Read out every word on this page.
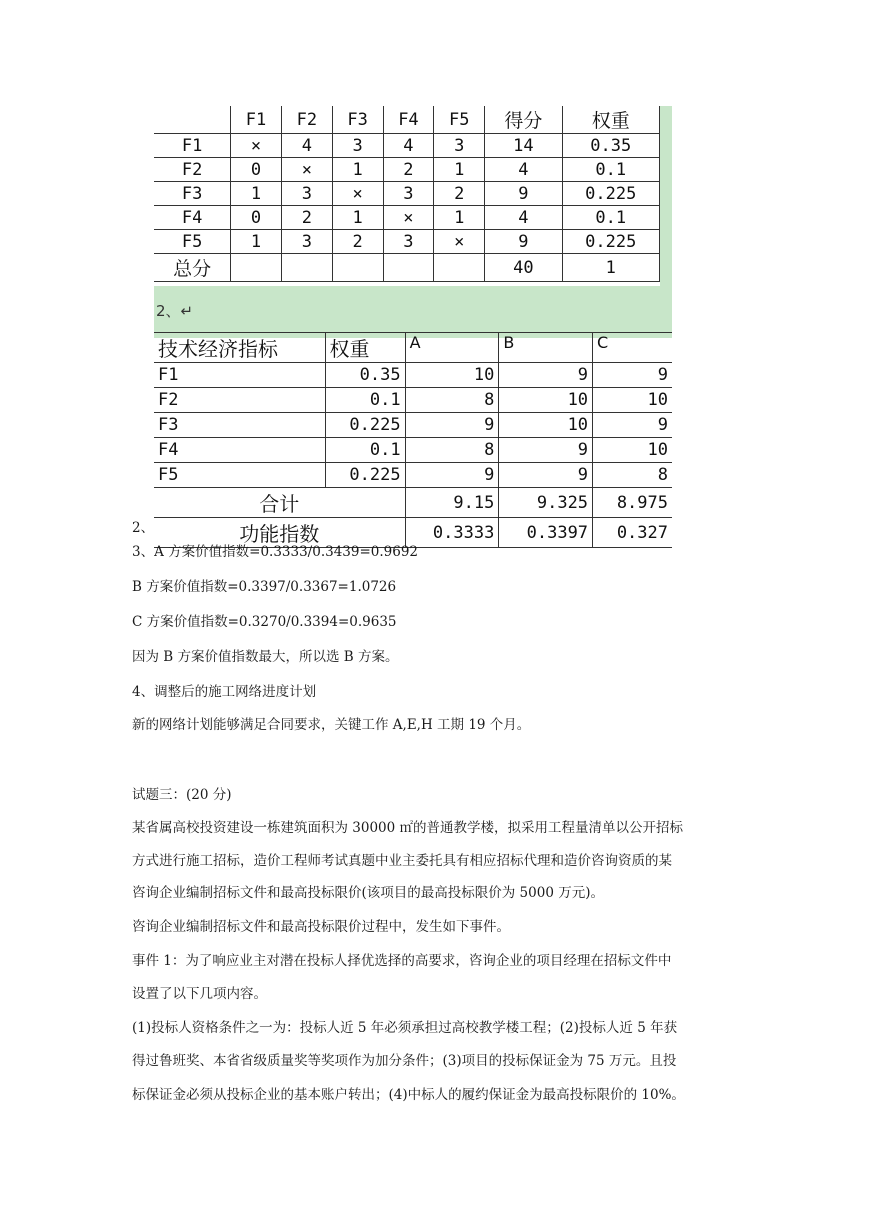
	F1	F2	F3	F4	F5	得分	权重
F1	×	4	3	4	3	14	0.35
F2	0	×	1	2	1	4	0.1
F3	1	3	×	3	2	9	0.225
F4	0	2	1	×	1	4	0.1
F5	1	3	2	3	×	9	0.225
总分						40	1
2、↵
技术经济指标	权重	A	B	C
F1	0.35	10	9	9
F2	0.1	8	10	10
F3	0.225	9	10	9
F4	0.1	8	9	10
F5	0.225	9	9	8
合计		9.15	9.325	8.975
功能指数		0.3333	0.3397	0.327
2、
3、A 方案价值指数=0.3333/0.3439=0.9692
B 方案价值指数=0.3397/0.3367=1.0726
C 方案价值指数=0.3270/0.3394=0.9635
因为 B 方案价值指数最大，所以选 B 方案。
4、调整后的施工网络进度计划
新的网络计划能够满足合同要求，关键工作 A,E,H 工期 19 个月。
试题三：(20 分)
某省属高校投资建设一栋建筑面积为 30000 ㎡的普通教学楼，拟采用工程量清单以公开招标
方式进行施工招标，造价工程师考试真题中业主委托具有相应招标代理和造价咨询资质的某
咨询企业编制招标文件和最高投标限价(该项目的最高投标限价为 5000 万元)。
咨询企业编制招标文件和最高投标限价过程中，发生如下事件。
事件 1：为了响应业主对潜在投标人择优选择的高要求，咨询企业的项目经理在招标文件中
设置了以下几项内容。
(1)投标人资格条件之一为：投标人近 5 年必须承担过高校教学楼工程；(2)投标人近 5 年获
得过鲁班奖、本省省级质量奖等奖项作为加分条件；(3)项目的投标保证金为 75 万元。且投
标保证金必须从投标企业的基本账户转出；(4)中标人的履约保证金为最高投标限价的 10%。
